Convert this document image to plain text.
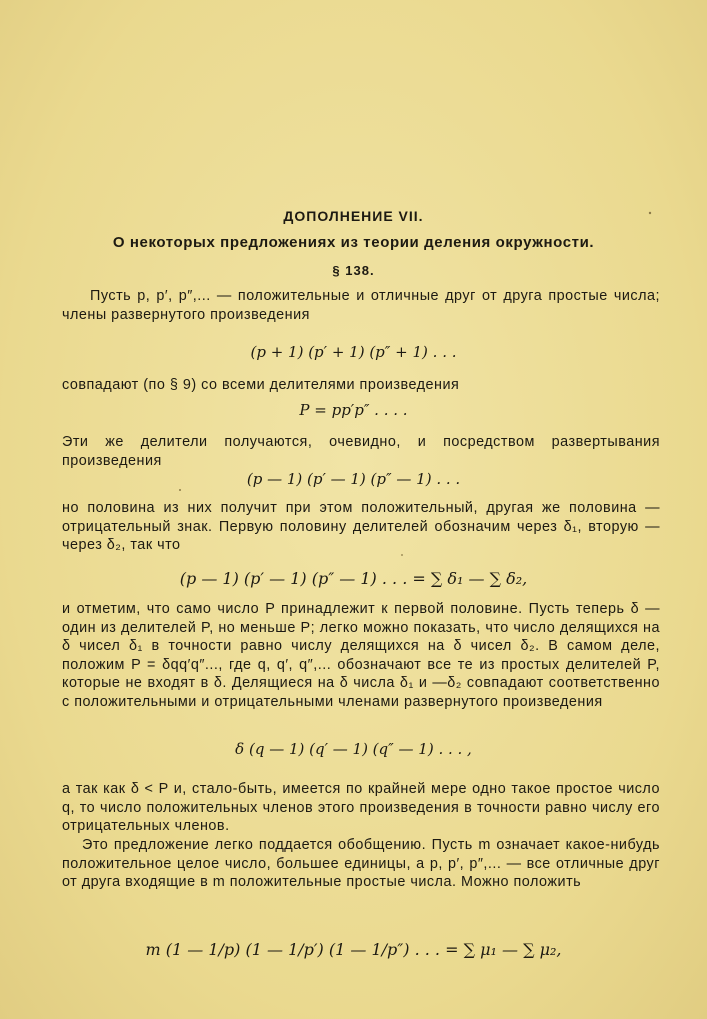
ДОПОЛНЕНИЕ VII.
О некоторых предложениях из теории деления окружности.
§ 138.
Пусть p, p′, p″,... — положительные и отличные друг от друга простые числа; члены развернутого произведения
(p + 1) (p′ + 1) (p″ + 1) . . .
совпадают (по § 9) со всеми делителями произведения
P = pp′p″ . . . .
Эти же делители получаются, очевидно, и посредством развертывания произведения
(p — 1) (p′ — 1) (p″ — 1) . . .
но половина из них получит при этом положительный, другая же половина — отрицательный знак. Первую половину делителей обозначим через δ₁, вторую — через δ₂, так что
(p — 1) (p′ — 1) (p″ — 1) . . . = ∑ δ₁ — ∑ δ₂,
и отметим, что само число P принадлежит к первой половине. Пусть теперь δ — один из делителей P, но меньше P; легко можно показать, что число делящихся на δ чисел δ₁ в точности равно числу делящихся на δ чисел δ₂. В самом деле, положим P = δqq′q″..., где q, q′, q″,... обозначают все те из простых делителей P, которые не входят в δ. Делящиеся на δ числа δ₁ и —δ₂ совпадают соответственно с положительными и отрицательными членами развернутого произведения
δ (q — 1) (q′ — 1) (q″ — 1) . . . ,
а так как δ < P и, стало-быть, имеется по крайней мере одно такое простое число q, то число положительных членов этого произведения в точности равно числу его отрицательных членов.
Это предложение легко поддается обобщению. Пусть m означает какое-нибудь положительное целое число, большее единицы, а p, p′, p″,... — все отличные друг от друга входящие в m положительные простые числа. Можно положить
m (1 — 1/p) (1 — 1/p′) (1 — 1/p″) . . . = ∑ μ₁ — ∑ μ₂,
